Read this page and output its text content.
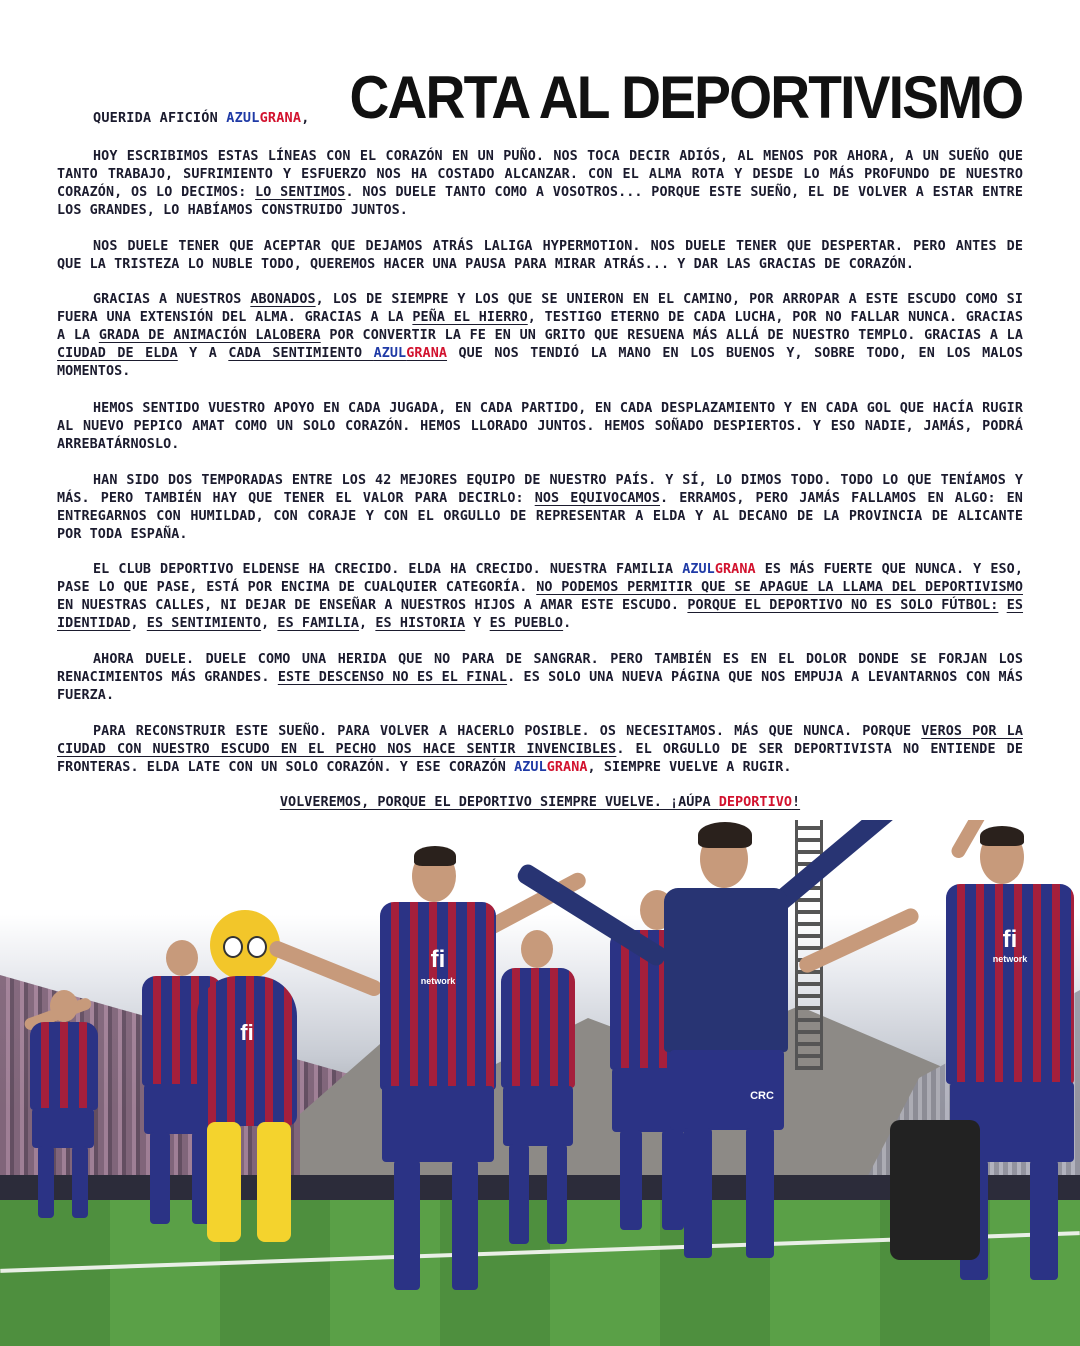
CARTA AL DEPORTIVISMO
QUERIDA AFICIÓN AZULGRANA,
HOY ESCRIBIMOS ESTAS LÍNEAS CON EL CORAZÓN EN UN PUÑO. NOS TOCA DECIR ADIÓS, AL MENOS POR AHORA, A UN SUEÑO QUE TANTO TRABAJO, SUFRIMIENTO Y ESFUERZO NOS HA COSTADO ALCANZAR. CON EL ALMA ROTA Y DESDE LO MÁS PROFUNDO DE NUESTRO CORAZÓN, OS LO DECIMOS: LO SENTIMOS. NOS DUELE TANTO COMO A VOSOTROS... PORQUE ESTE SUEÑO, EL DE VOLVER A ESTAR ENTRE LOS GRANDES, LO HABÍAMOS CONSTRUIDO JUNTOS.
NOS DUELE TENER QUE ACEPTAR QUE DEJAMOS ATRÁS LALIGA HYPERMOTION. NOS DUELE TENER QUE DESPERTAR. PERO ANTES DE QUE LA TRISTEZA LO NUBLE TODO, QUEREMOS HACER UNA PAUSA PARA MIRAR ATRÁS... Y DAR LAS GRACIAS DE CORAZÓN.
GRACIAS A NUESTROS ABONADOS, LOS DE SIEMPRE Y LOS QUE SE UNIERON EN EL CAMINO, POR ARROPAR A ESTE ESCUDO COMO SI FUERA UNA EXTENSIÓN DEL ALMA. GRACIAS A LA PEÑA EL HIERRO, TESTIGO ETERNO DE CADA LUCHA, POR NO FALLAR NUNCA. GRACIAS A LA GRADA DE ANIMACIÓN LALOBERA POR CONVERTIR LA FE EN UN GRITO QUE RESUENA MÁS ALLÁ DE NUESTRO TEMPLO. GRACIAS A LA CIUDAD DE ELDA Y A CADA SENTIMIENTO AZULGRANA QUE NOS TENDIÓ LA MANO EN LOS BUENOS Y, SOBRE TODO, EN LOS MALOS MOMENTOS.
HEMOS SENTIDO VUESTRO APOYO EN CADA JUGADA, EN CADA PARTIDO, EN CADA DESPLAZAMIENTO Y EN CADA GOL QUE HACÍA RUGIR AL NUEVO PEPICO AMAT COMO UN SOLO CORAZÓN. HEMOS LLORADO JUNTOS. HEMOS SOÑADO DESPIERTOS. Y ESO NADIE, JAMÁS, PODRÁ ARREBATÁRNOSLO.
HAN SIDO DOS TEMPORADAS ENTRE LOS 42 MEJORES EQUIPO DE NUESTRO PAÍS. Y SÍ, LO DIMOS TODO. TODO LO QUE TENÍAMOS Y MÁS. PERO TAMBIÉN HAY QUE TENER EL VALOR PARA DECIRLO: NOS EQUIVOCAMOS. ERRAMOS, PERO JAMÁS FALLAMOS EN ALGO: EN ENTREGARNOS CON HUMILDAD, CON CORAJE Y CON EL ORGULLO DE REPRESENTAR A ELDA Y AL DECANO DE LA PROVINCIA DE ALICANTE POR TODA ESPAÑA.
EL CLUB DEPORTIVO ELDENSE HA CRECIDO. ELDA HA CRECIDO. NUESTRA FAMILIA AZULGRANA ES MÁS FUERTE QUE NUNCA. Y ESO, PASE LO QUE PASE, ESTÁ POR ENCIMA DE CUALQUIER CATEGORÍA. NO PODEMOS PERMITIR QUE SE APAGUE LA LLAMA DEL DEPORTIVISMO EN NUESTRAS CALLES, NI DEJAR DE ENSEÑAR A NUESTROS HIJOS A AMAR ESTE ESCUDO. PORQUE EL DEPORTIVO NO ES SOLO FÚTBOL: ES IDENTIDAD, ES SENTIMIENTO, ES FAMILIA, ES HISTORIA Y ES PUEBLO.
AHORA DUELE. DUELE COMO UNA HERIDA QUE NO PARA DE SANGRAR. PERO TAMBIÉN ES EN EL DOLOR DONDE SE FORJAN LOS RENACIMIENTOS MÁS GRANDES. ESTE DESCENSO NO ES EL FINAL. ES SOLO UNA NUEVA PÁGINA QUE NOS EMPUJA A LEVANTARNOS CON MÁS FUERZA.
fi
fi
network
CRC
fi
network
PARA RECONSTRUIR ESTE SUEÑO. PARA VOLVER A HACERLO POSIBLE. OS NECESITAMOS. MÁS QUE NUNCA. PORQUE VEROS POR LA CIUDAD CON NUESTRO ESCUDO EN EL PECHO NOS HACE SENTIR INVENCIBLES. EL ORGULLO DE SER DEPORTIVISTA NO ENTIENDE DE FRONTERAS. ELDA LATE CON UN SOLO CORAZÓN. Y ESE CORAZÓN AZULGRANA, SIEMPRE VUELVE A RUGIR.
VOLVEREMOS, PORQUE EL DEPORTIVO SIEMPRE VUELVE. ¡AÚPA DEPORTIVO!
